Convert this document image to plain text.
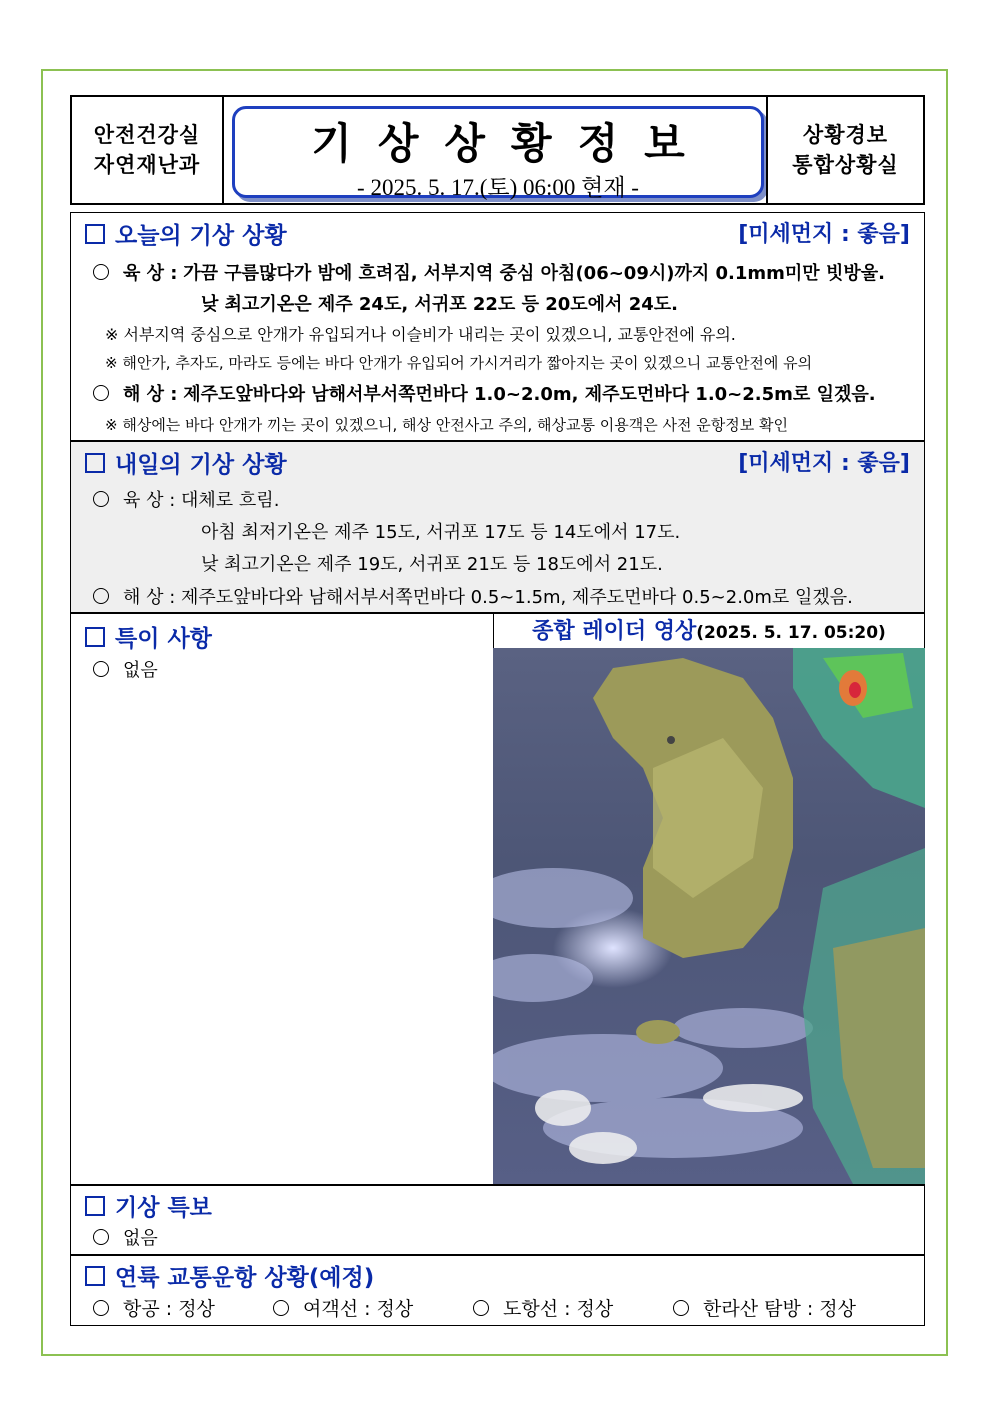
안전건강실
자연재난과	기상상황정보
- 2025. 5. 17.(토) 06:00 현재 -
상황경보
통합상황실
오늘의 기상 상황	[미세먼지 : 좋음]
육 상 : 가끔 구름많다가 밤에 흐려짐, 서부지역 중심 아침(06~09시)까지 0.1mm미만 빗방울.
낮 최고기온은 제주 24도, 서귀포 22도 등 20도에서 24도.
※ 서부지역 중심으로 안개가 유입되거나 이슬비가 내리는 곳이 있겠으니, 교통안전에 유의.
※ 해안가, 추자도, 마라도 등에는 바다 안개가 유입되어 가시거리가 짧아지는 곳이 있겠으니 교통안전에 유의
해 상 : 제주도앞바다와 남해서부서쪽먼바다 1.0~2.0m, 제주도먼바다 1.0~2.5m로 일겠음.
※ 해상에는 바다 안개가 끼는 곳이 있겠으니, 해상 안전사고 주의, 해상교통 이용객은 사전 운항정보 확인
내일의 기상 상황	[미세먼지 : 좋음]
육 상 : 대체로 흐림.
아침 최저기온은 제주 15도, 서귀포 17도 등 14도에서 17도.
낮 최고기온은 제주 19도, 서귀포 21도 등 18도에서 21도.
해 상 : 제주도앞바다와 남해서부서쪽먼바다 0.5~1.5m, 제주도먼바다 0.5~2.0m로 일겠음.
특이 사항
없음
종합 레이더 영상(2025. 5. 17. 05:20)
기상 특보
없음
연륙 교통운항 상황(예정)
항공 : 정상	여객선 : 정상	도항선 : 정상	한라산 탐방 : 정상
